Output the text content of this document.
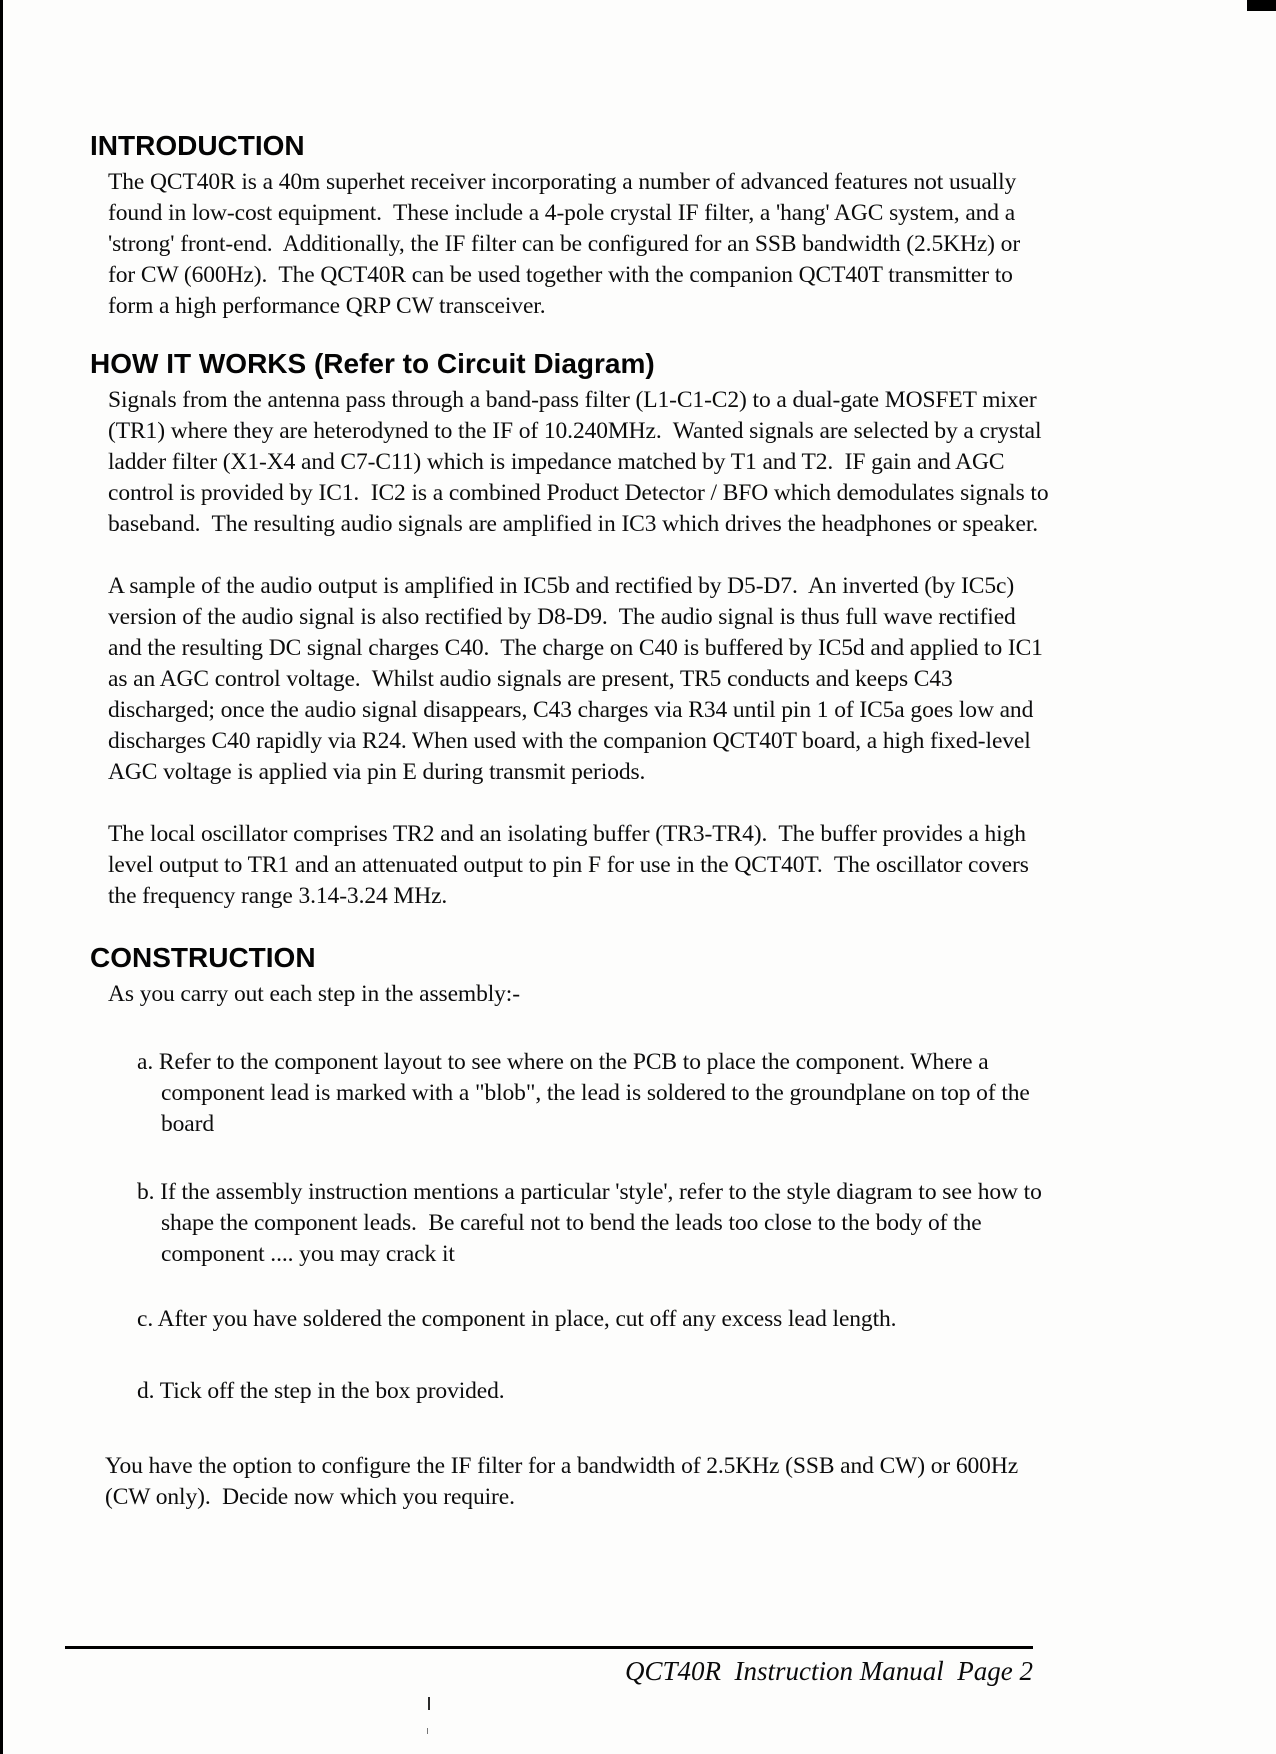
INTRODUCTION

The QCT40R is a 40m superhet receiver incorporating a number of advanced features not usually found in low-cost equipment.  These include a 4-pole crystal IF filter, a 'hang' AGC system, and a 'strong' front-end.  Additionally, the IF filter can be configured for an SSB bandwidth (2.5KHz) or for CW (600Hz).  The QCT40R can be used together with the companion QCT40T transmitter to form a high performance QRP CW transceiver.

HOW IT WORKS (Refer to Circuit Diagram)

Signals from the antenna pass through a band-pass filter (L1-C1-C2) to a dual-gate MOSFET mixer (TR1) where they are heterodyned to the IF of 10.240MHz.  Wanted signals are selected by a crystal ladder filter (X1-X4 and C7-C11) which is impedance matched by T1 and T2.  IF gain and AGC control is provided by IC1.  IC2 is a combined Product Detector / BFO which demodulates signals to baseband.  The resulting audio signals are amplified in IC3 which drives the headphones or speaker.

A sample of the audio output is amplified in IC5b and rectified by D5-D7.  An inverted (by IC5c) version of the audio signal is also rectified by D8-D9.  The audio signal is thus full wave rectified and the resulting DC signal charges C40.  The charge on C40 is buffered by IC5d and applied to IC1 as an AGC control voltage.  Whilst audio signals are present, TR5 conducts and keeps C43 discharged; once the audio signal disappears, C43 charges via R34 until pin 1 of IC5a goes low and discharges C40 rapidly via R24. When used with the companion QCT40T board, a high fixed-level AGC voltage is applied via pin E during transmit periods.

The local oscillator comprises TR2 and an isolating buffer (TR3-TR4).  The buffer provides a high level output to TR1 and an attenuated output to pin F for use in the QCT40T.  The oscillator covers the frequency range 3.14-3.24 MHz.

CONSTRUCTION

As you carry out each step in the assembly:-

a. Refer to the component layout to see where on the PCB to place the component. Where a component lead is marked with a "blob", the lead is soldered to the groundplane on top of the board

b. If the assembly instruction mentions a particular 'style', refer to the style diagram to see how to shape the component leads.  Be careful not to bend the leads too close to the body of the component .... you may crack it

c. After you have soldered the component in place, cut off any excess lead length.

d. Tick off the step in the box provided.

You have the option to configure the IF filter for a bandwidth of 2.5KHz (SSB and CW) or 600Hz (CW only).  Decide now which you require.

QCT40R  Instruction Manual  Page 2
